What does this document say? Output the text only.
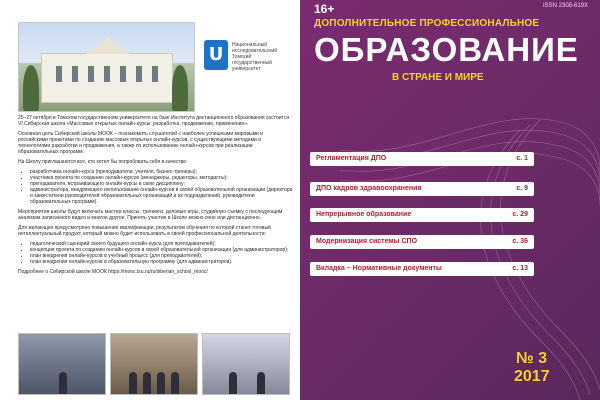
U	Национальный исследовательский Томский государственный университет

25–27 октября в Томском государственном университете на базе Института дистанционного образования состоится VI Сибирская школа «Массовые открытые онлайн-курсы: разработка, продвижение, применение».

Основная цель Сибирской школы МООК – познакомить слушателей с наиболее успешными мировыми и российскими проектами по созданию массовых открытых онлайн-курсов, с существующими методами и технологиями разработки и продвижения, а также по использованию онлайн-курсов при реализации образовательных программ.

На Школу приглашаются все, кто хотел бы попробовать себя в качестве:

• разработчика онлайн-курса (преподаватели, учителя, бизнес-тренеры);
• участника проекта по созданию онлайн-курсов (менеджеры, редакторы, методисты);
• преподавателя, встраивающего онлайн-курсы в свою дисциплину;
• администратора, внедряющего использование онлайн-курсов в своей образовательной организации (директора и заместители руководителей образовательных организаций и их подразделений, руководители образовательных программ).

Мероприятия школы будут включать мастер-классы, тренинги, деловые игры, студийную съемку с последующим анализом записанного видео и многое другое. Принять участие в Школе можно очно или дистанционно.

Для желающих предусмотрено повышение квалификации, результатом обучения по которой станет готовый интеллектуальный продукт, который можно будет использовать в своей профессиональной деятельности:

• педагогический сценарий своего будущего онлайн-курса (для преподавателей);
• концепция проекта по созданию онлайн-курсов в своей образовательной организации (для администраторов);
• план внедрения онлайн-курсов в учебный процесс (для преподавателей);
• план внедрения онлайн-курсов в образовательную программу (для администраторов).

Подробнее о Сибирской школе МООК https://mooc.tsu.ru/ru/siberian_school_mooc/

16+	ISSN 2308-619X
ДОПОЛНИТЕЛЬНОЕ ПРОФЕССИОНАЛЬНОЕ
ОБРАЗОВАНИЕ
В СТРАНЕ И МИРЕ
Регламентация ДПО	с. 1
ДПО кадров здравоохранения	с. 9
Непрерывное образование	с. 29
Модернизация системы СПО	с. 36
Вкладка – Нормативные документы	с. 13
№ 3
2017
